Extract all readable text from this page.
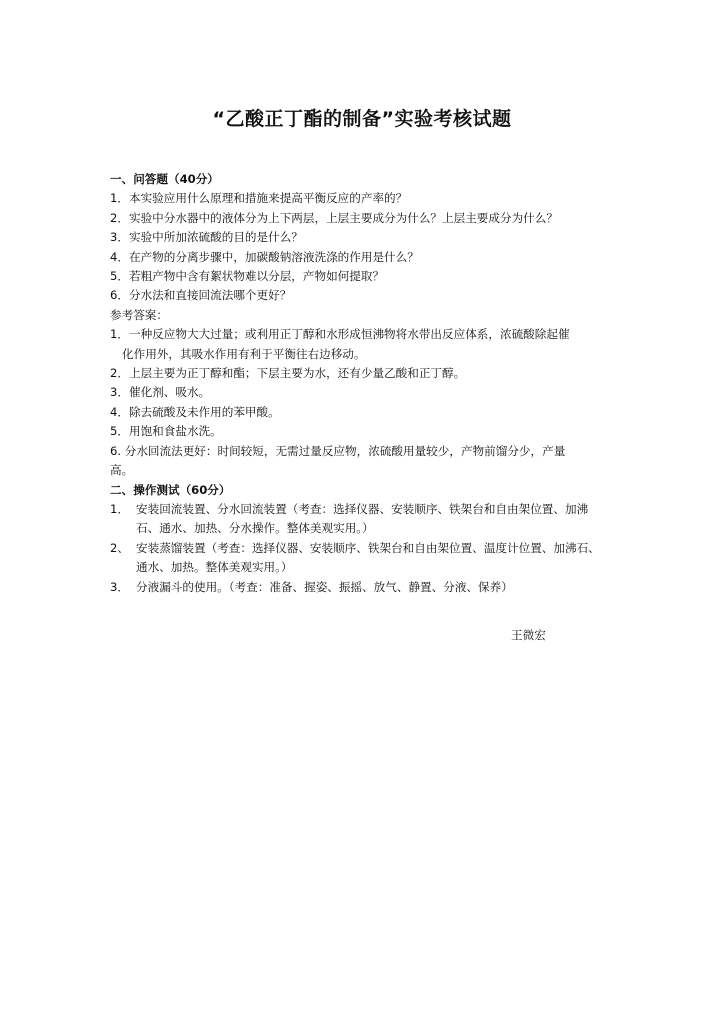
“乙酸正丁酯的制备”实验考核试题
一、问答题（40分）
1．本实验应用什么原理和措施来提高平衡反应的产率的？
2．实验中分水器中的液体分为上下两层，上层主要成分为什么？上层主要成分为什么？
3．实验中所加浓硫酸的目的是什么？
4．在产物的分离步骤中，加碳酸钠溶液洗涤的作用是什么？
5．若粗产物中含有絮状物难以分层，产物如何提取？
6．分水法和直接回流法哪个更好？
参考答案：
1．一种反应物大大过量；或利用正丁醇和水形成恒沸物将水带出反应体系，浓硫酸除起催
化作用外，其吸水作用有利于平衡往右边移动。
2．上层主要为正丁醇和酯；下层主要为水，还有少量乙酸和正丁醇。
3．催化剂、吸水。
4．除去硫酸及未作用的苯甲酸。
5．用饱和食盐水洗。
6. 分水回流法更好：时间较短，无需过量反应物，浓硫酸用量较少，产物前馏分少，产量
高。
二、操作测试（60分）
1． 安装回流装置、分水回流装置（考查：选择仪器、安装顺序、铁架台和自由架位置、加沸
石、通水、加热、分水操作。整体美观实用。）
2、 安装蒸馏装置（考查：选择仪器、安装顺序、铁架台和自由架位置、温度计位置、加沸石、
通水、加热。整体美观实用。）
3． 分液漏斗的使用。（考查：准备、握姿、振摇、放气、静置、分液、保养）
王微宏
